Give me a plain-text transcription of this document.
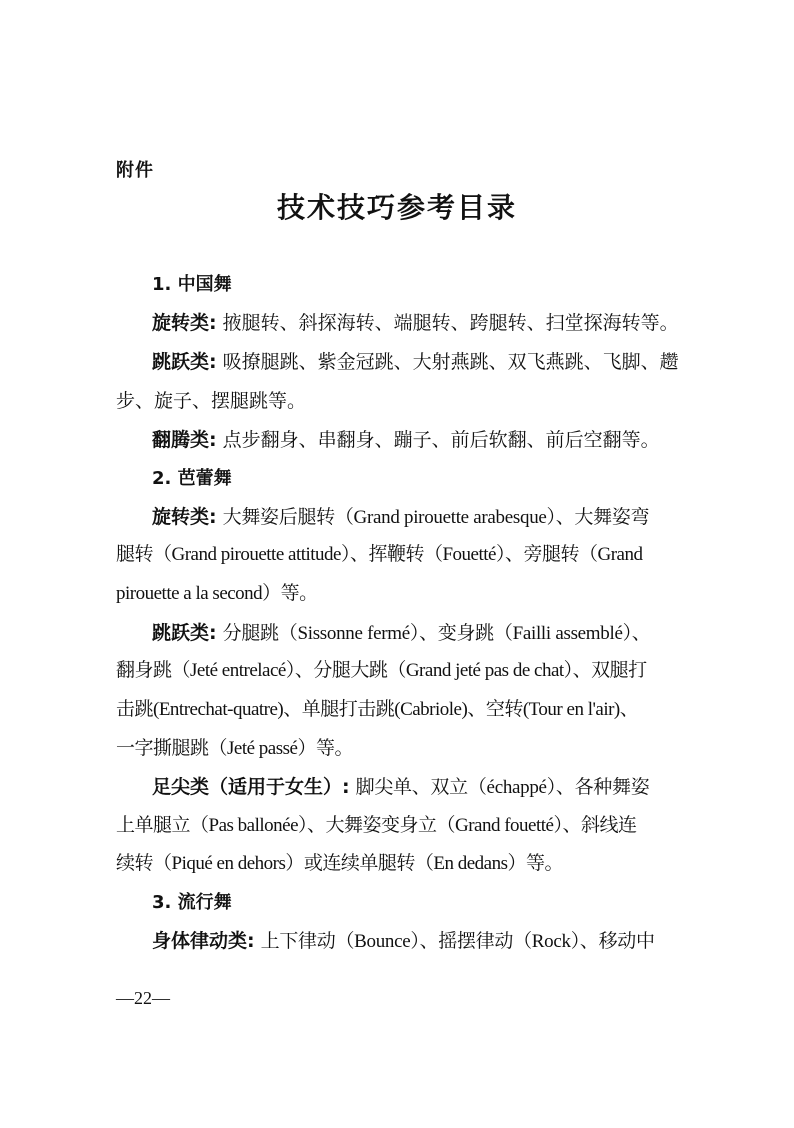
附件
技术技巧参考目录
1. 中国舞
旋转类: 掖腿转、斜探海转、端腿转、跨腿转、扫堂探海转等。
跳跃类: 吸撩腿跳、紫金冠跳、大射燕跳、双飞燕跳、飞脚、趱
步、旋子、摆腿跳等。
翻腾类: 点步翻身、串翻身、蹦子、前后软翻、前后空翻等。
2. 芭蕾舞
旋转类: 大舞姿后腿转（Grand pirouette arabesque）、大舞姿弯
腿转（Grand pirouette attitude）、挥鞭转（Fouetté）、旁腿转（Grand
pirouette a la second）等。
跳跃类: 分腿跳（Sissonne fermé）、变身跳（Failli assemblé）、
翻身跳（Jeté entrelacé）、分腿大跳（Grand jeté pas de chat）、双腿打
击跳(Entrechat-quatre)、单腿打击跳(Cabriole)、空转(Tour en l'air)、
一字撕腿跳（Jeté passé）等。
足尖类（适用于女生）: 脚尖单、双立（échappé）、各种舞姿
上单腿立（Pas ballonée）、大舞姿变身立（Grand fouetté）、斜线连
续转（Piqué en dehors）或连续单腿转（En dedans）等。
3. 流行舞
身体律动类: 上下律动（Bounce）、摇摆律动（Rock）、移动中
—22—
